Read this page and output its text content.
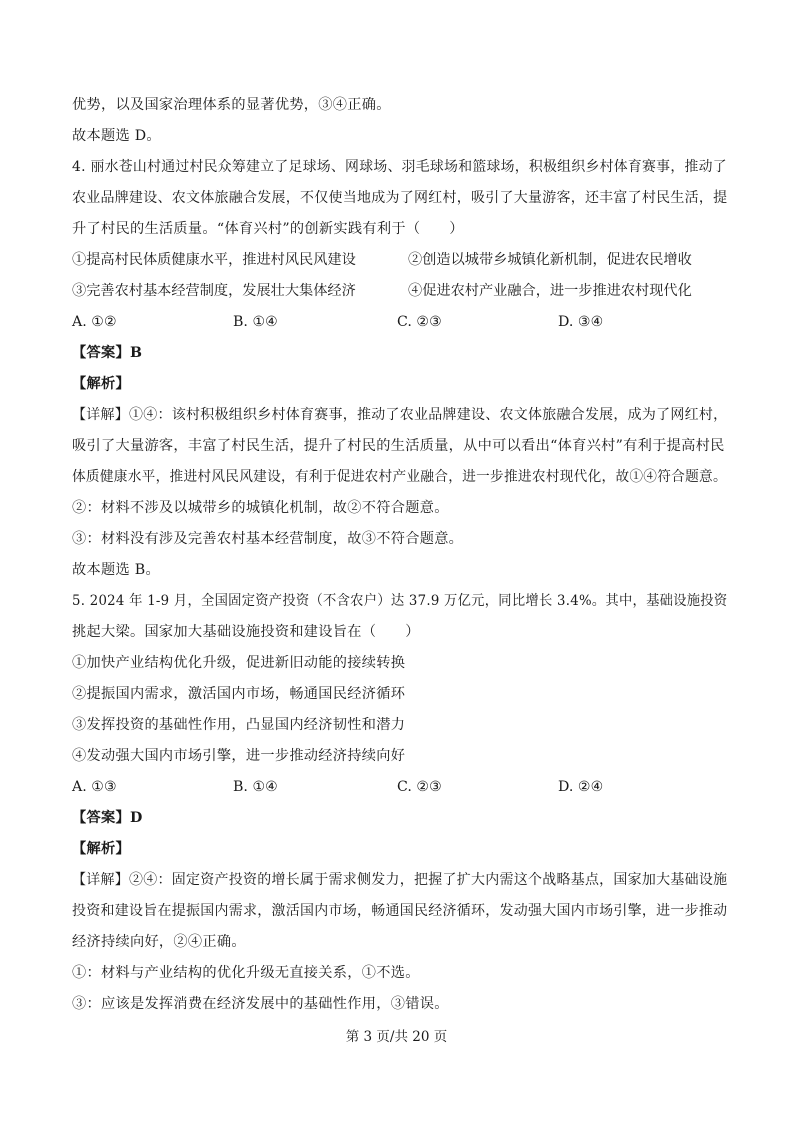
优势，以及国家治理体系的显著优势，③④正确。
故本题选 D。
4. 丽水苍山村通过村民众筹建立了足球场、网球场、羽毛球场和篮球场，积极组织乡村体育赛事，推动了
农业品牌建设、农文体旅融合发展，不仅使当地成为了网红村，吸引了大量游客，还丰富了村民生活，提
升了村民的生活质量。“体育兴村”的创新实践有利于（　　）
①提高村民体质健康水平，推进村风民风建设	②创造以城带乡城镇化新机制，促进农民增收
③完善农村基本经营制度，发展壮大集体经济	④促进农村产业融合，进一步推进农村现代化
A. ①②	B. ①④	C. ②③	D. ③④
【答案】B
【解析】
【详解】①④：该村积极组织乡村体育赛事，推动了农业品牌建设、农文体旅融合发展，成为了网红村，
吸引了大量游客，丰富了村民生活，提升了村民的生活质量，从中可以看出“体育兴村”有利于提高村民
体质健康水平，推进村风民风建设，有利于促进农村产业融合，进一步推进农村现代化，故①④符合题意。
②：材料不涉及以城带乡的城镇化机制，故②不符合题意。
③：材料没有涉及完善农村基本经营制度，故③不符合题意。
故本题选 B。
5. 2024 年 1-9 月，全国固定资产投资（不含农户）达 37.9 万亿元，同比增长 3.4%。其中，基础设施投资
挑起大梁。国家加大基础设施投资和建设旨在（　　）
①加快产业结构优化升级，促进新旧动能的接续转换
②提振国内需求，激活国内市场，畅通国民经济循环
③发挥投资的基础性作用，凸显国内经济韧性和潜力
④发动强大国内市场引擎，进一步推动经济持续向好
A. ①③	B. ①④	C. ②③	D. ②④
【答案】D
【解析】
【详解】②④：固定资产投资的增长属于需求侧发力，把握了扩大内需这个战略基点，国家加大基础设施
投资和建设旨在提振国内需求，激活国内市场，畅通国民经济循环，发动强大国内市场引擎，进一步推动
经济持续向好，②④正确。
①：材料与产业结构的优化升级无直接关系，①不选。
③：应该是发挥消费在经济发展中的基础性作用，③错误。
第 3 页/共 20 页
